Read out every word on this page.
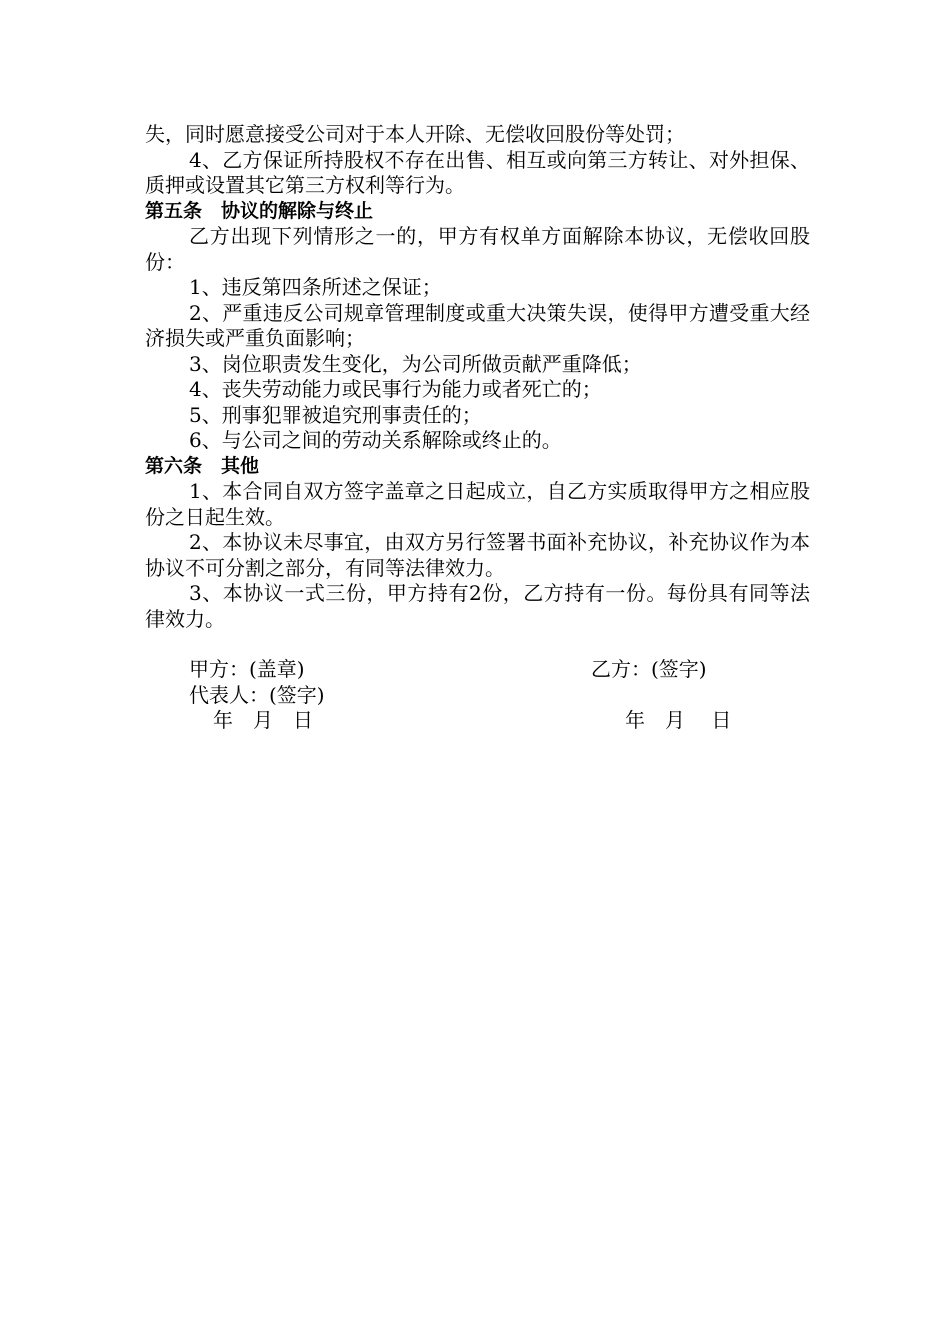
失，同时愿意接受公司对于本人开除、无偿收回股份等处罚；

4、乙方保证所持股权不存在出售、相互或向第三方转让、对外担保、质押或设置其它第三方权利等行为。

第五条　协议的解除与终止

乙方出现下列情形之一的，甲方有权单方面解除本协议，无偿收回股份：

1、违反第四条所述之保证；

2、严重违反公司规章管理制度或重大决策失误，使得甲方遭受重大经济损失或严重负面影响；

3、岗位职责发生变化，为公司所做贡献严重降低；

4、丧失劳动能力或民事行为能力或者死亡的；

5、刑事犯罪被追究刑事责任的；

6、与公司之间的劳动关系解除或终止的。

第六条　其他

1、本合同自双方签字盖章之日起成立，自乙方实质取得甲方之相应股份之日起生效。

2、本协议未尽事宜，由双方另行签署书面补充协议，补充协议作为本协议不可分割之部分，有同等法律效力。

3、本协议一式三份，甲方持有2份，乙方持有一份。每份具有同等法律效力。

甲方：(盖章)	乙方：(签字)
代表人：(签字)
年　月　日	年　月　 日
